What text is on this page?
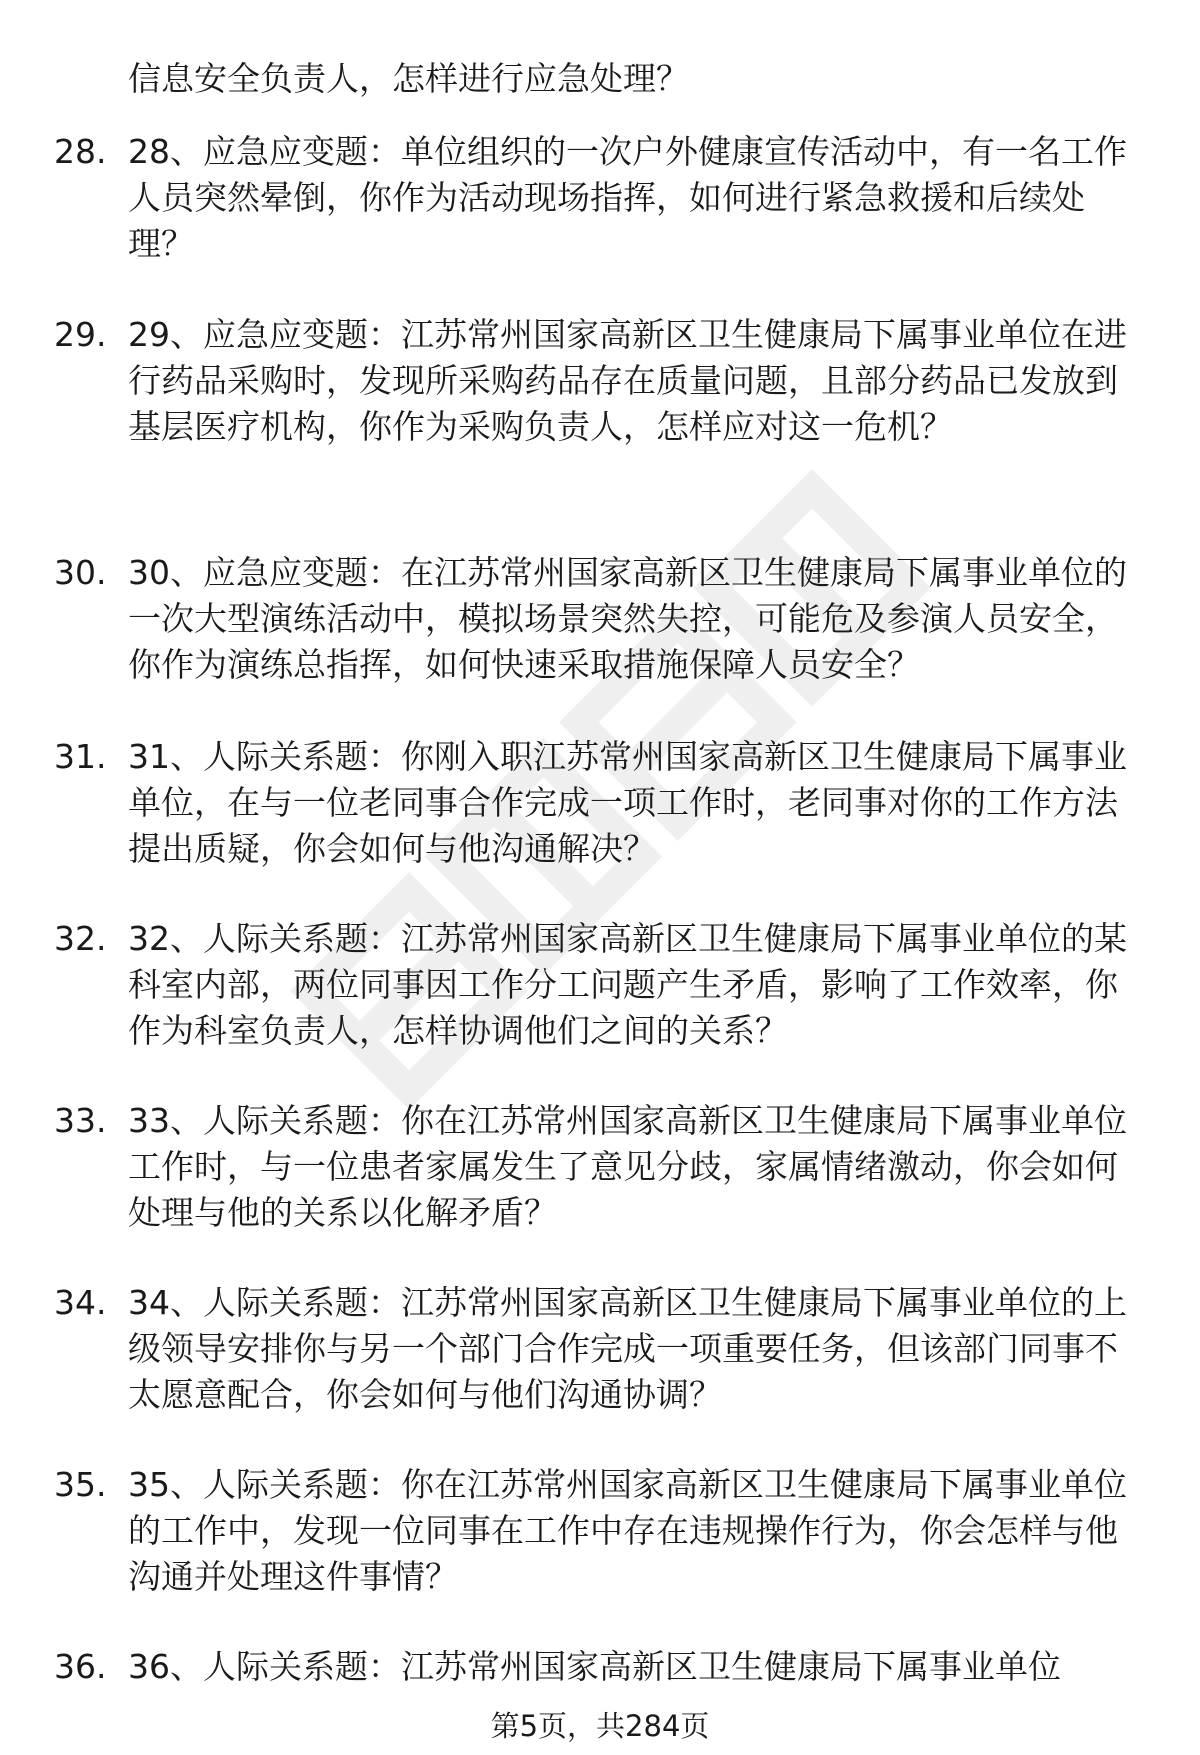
信息安全负责人，怎样进行应急处理？
28. 28、应急应变题：单位组织的一次户外健康宣传活动中，有一名工作人员突然晕倒，你作为活动现场指挥，如何进行紧急救援和后续处理？
29. 29、应急应变题：江苏常州国家高新区卫生健康局下属事业单位在进行药品采购时，发现所采购药品存在质量问题，且部分药品已发放到基层医疗机构，你作为采购负责人，怎样应对这一危机？
30. 30、应急应变题：在江苏常州国家高新区卫生健康局下属事业单位的一次大型演练活动中，模拟场景突然失控，可能危及参演人员安全，你作为演练总指挥，如何快速采取措施保障人员安全？
31. 31、人际关系题：你刚入职江苏常州国家高新区卫生健康局下属事业单位，在与一位老同事合作完成一项工作时，老同事对你的工作方法提出质疑，你会如何与他沟通解决？
32. 32、人际关系题：江苏常州国家高新区卫生健康局下属事业单位的某科室内部，两位同事因工作分工问题产生矛盾，影响了工作效率，你作为科室负责人，怎样协调他们之间的关系？
33. 33、人际关系题：你在江苏常州国家高新区卫生健康局下属事业单位工作时，与一位患者家属发生了意见分歧，家属情绪激动，你会如何处理与他的关系以化解矛盾？
34. 34、人际关系题：江苏常州国家高新区卫生健康局下属事业单位的上级领导安排你与另一个部门合作完成一项重要任务，但该部门同事不太愿意配合，你会如何与他们沟通协调？
35. 35、人际关系题：你在江苏常州国家高新区卫生健康局下属事业单位的工作中，发现一位同事在工作中存在违规操作行为，你会怎样与他沟通并处理这件事情？
36. 36、人际关系题：江苏常州国家高新区卫生健康局下属事业单位
第5页，共284页
